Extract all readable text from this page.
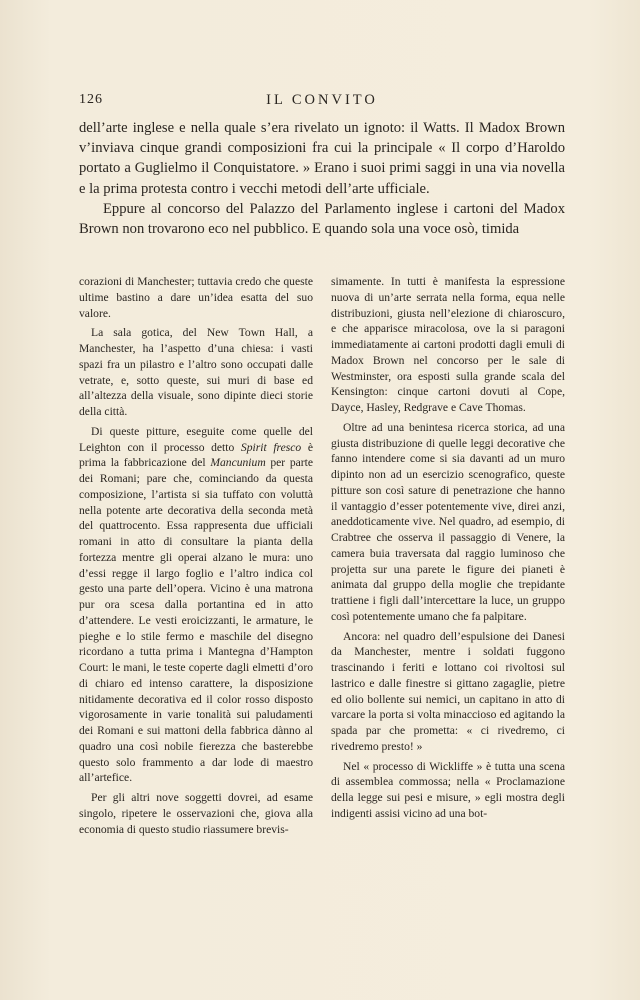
126	IL CONVITO

dell’arte inglese e nella quale s’era rivelato un ignoto: il Watts. Il Madox Brown v’inviava cinque grandi composizioni fra cui la principale « Il corpo d’Haroldo portato a Guglielmo il Conquistatore. » Erano i suoi primi saggi in una via novella e la prima protesta contro i vecchi metodi dell’arte ufficiale.

Eppure al concorso del Palazzo del Parlamento inglese i cartoni del Madox Brown non trovarono eco nel pubblico. E quando sola una voce osò, timida

corazioni di Manchester; tuttavia credo che queste ultime bastino a dare un’idea esatta del suo valore.

La sala gotica, del New Town Hall, a Manchester, ha l’aspetto d’una chiesa: i vasti spazi fra un pilastro e l’altro sono occupati dalle vetrate, e, sotto queste, sui muri di base ed all’altezza della visuale, sono dipinte dieci storie della città.

Di queste pitture, eseguite come quelle del Leighton con il processo detto Spirit fresco è prima la fabbricazione del Mancunium per parte dei Romani; pare che, cominciando da questa composizione, l’artista si sia tuffato con voluttà nella potente arte decorativa della seconda metà del quattrocento. Essa rappresenta due ufficiali romani in atto di consultare la pianta della fortezza mentre gli operai alzano le mura: uno d’essi regge il largo foglio e l’altro indica col gesto una parte dell’opera. Vicino è una matrona pur ora scesa dalla portantina ed in atto d’attendere. Le vesti eroicizzanti, le armature, le pieghe e lo stile fermo e maschile del disegno ricordano a tutta prima i Mantegna d’Hampton Court: le mani, le teste coperte dagli elmetti d’oro di chiaro ed intenso carattere, la disposizione nitidamente decorativa ed il color rosso disposto vigorosamente in varie tonalità sui paludamenti dei Romani e sui mattoni della fabbrica dànno al quadro una così nobile fierezza che basterebbe questo solo frammento a dar lode di maestro all’artefice.

Per gli altri nove soggetti dovrei, ad esame singolo, ripetere le osservazioni che, giova alla economia di questo studio riassumere brevis-

simamente. In tutti è manifesta la espressione nuova di un’arte serrata nella forma, equa nelle distribuzioni, giusta nell’elezione di chiaroscuro, e che apparisce miracolosa, ove la si paragoni immediatamente ai cartoni prodotti dagli emuli di Madox Brown nel concorso per le sale di Westminster, ora esposti sulla grande scala del Kensington: cinque cartoni dovuti al Cope, Dayce, Hasley, Redgrave e Cave Thomas.

Oltre ad una benintesa ricerca storica, ad una giusta distribuzione di quelle leggi decorative che fanno intendere come si sia davanti ad un muro dipinto non ad un esercizio scenografico, queste pitture son così sature di penetrazione che hanno il vantaggio d’esser potentemente vive, direi anzi, aneddoticamente vive. Nel quadro, ad esempio, di Crabtree che osserva il passaggio di Venere, la camera buia traversata dal raggio luminoso che projetta sur una parete le figure dei pianeti è animata dal gruppo della moglie che trepidante trattiene i figli dall’intercettare la luce, un gruppo così potentemente umano che fa palpitare.

Ancora: nel quadro dell’espulsione dei Danesi da Manchester, mentre i soldati fuggono trascinando i feriti e lottano coi rivoltosi sul lastrico e dalle finestre si gittano zagaglie, pietre ed olio bollente sui nemici, un capitano in atto di varcare la porta si volta minaccioso ed agitando la spada par che prometta: « ci rivedremo, ci rivedremo presto! »

Nel « processo di Wickliffe » è tutta una scena di assemblea commossa; nella « Proclamazione della legge sui pesi e misure, » egli mostra degli indigenti assisi vicino ad una bot-
